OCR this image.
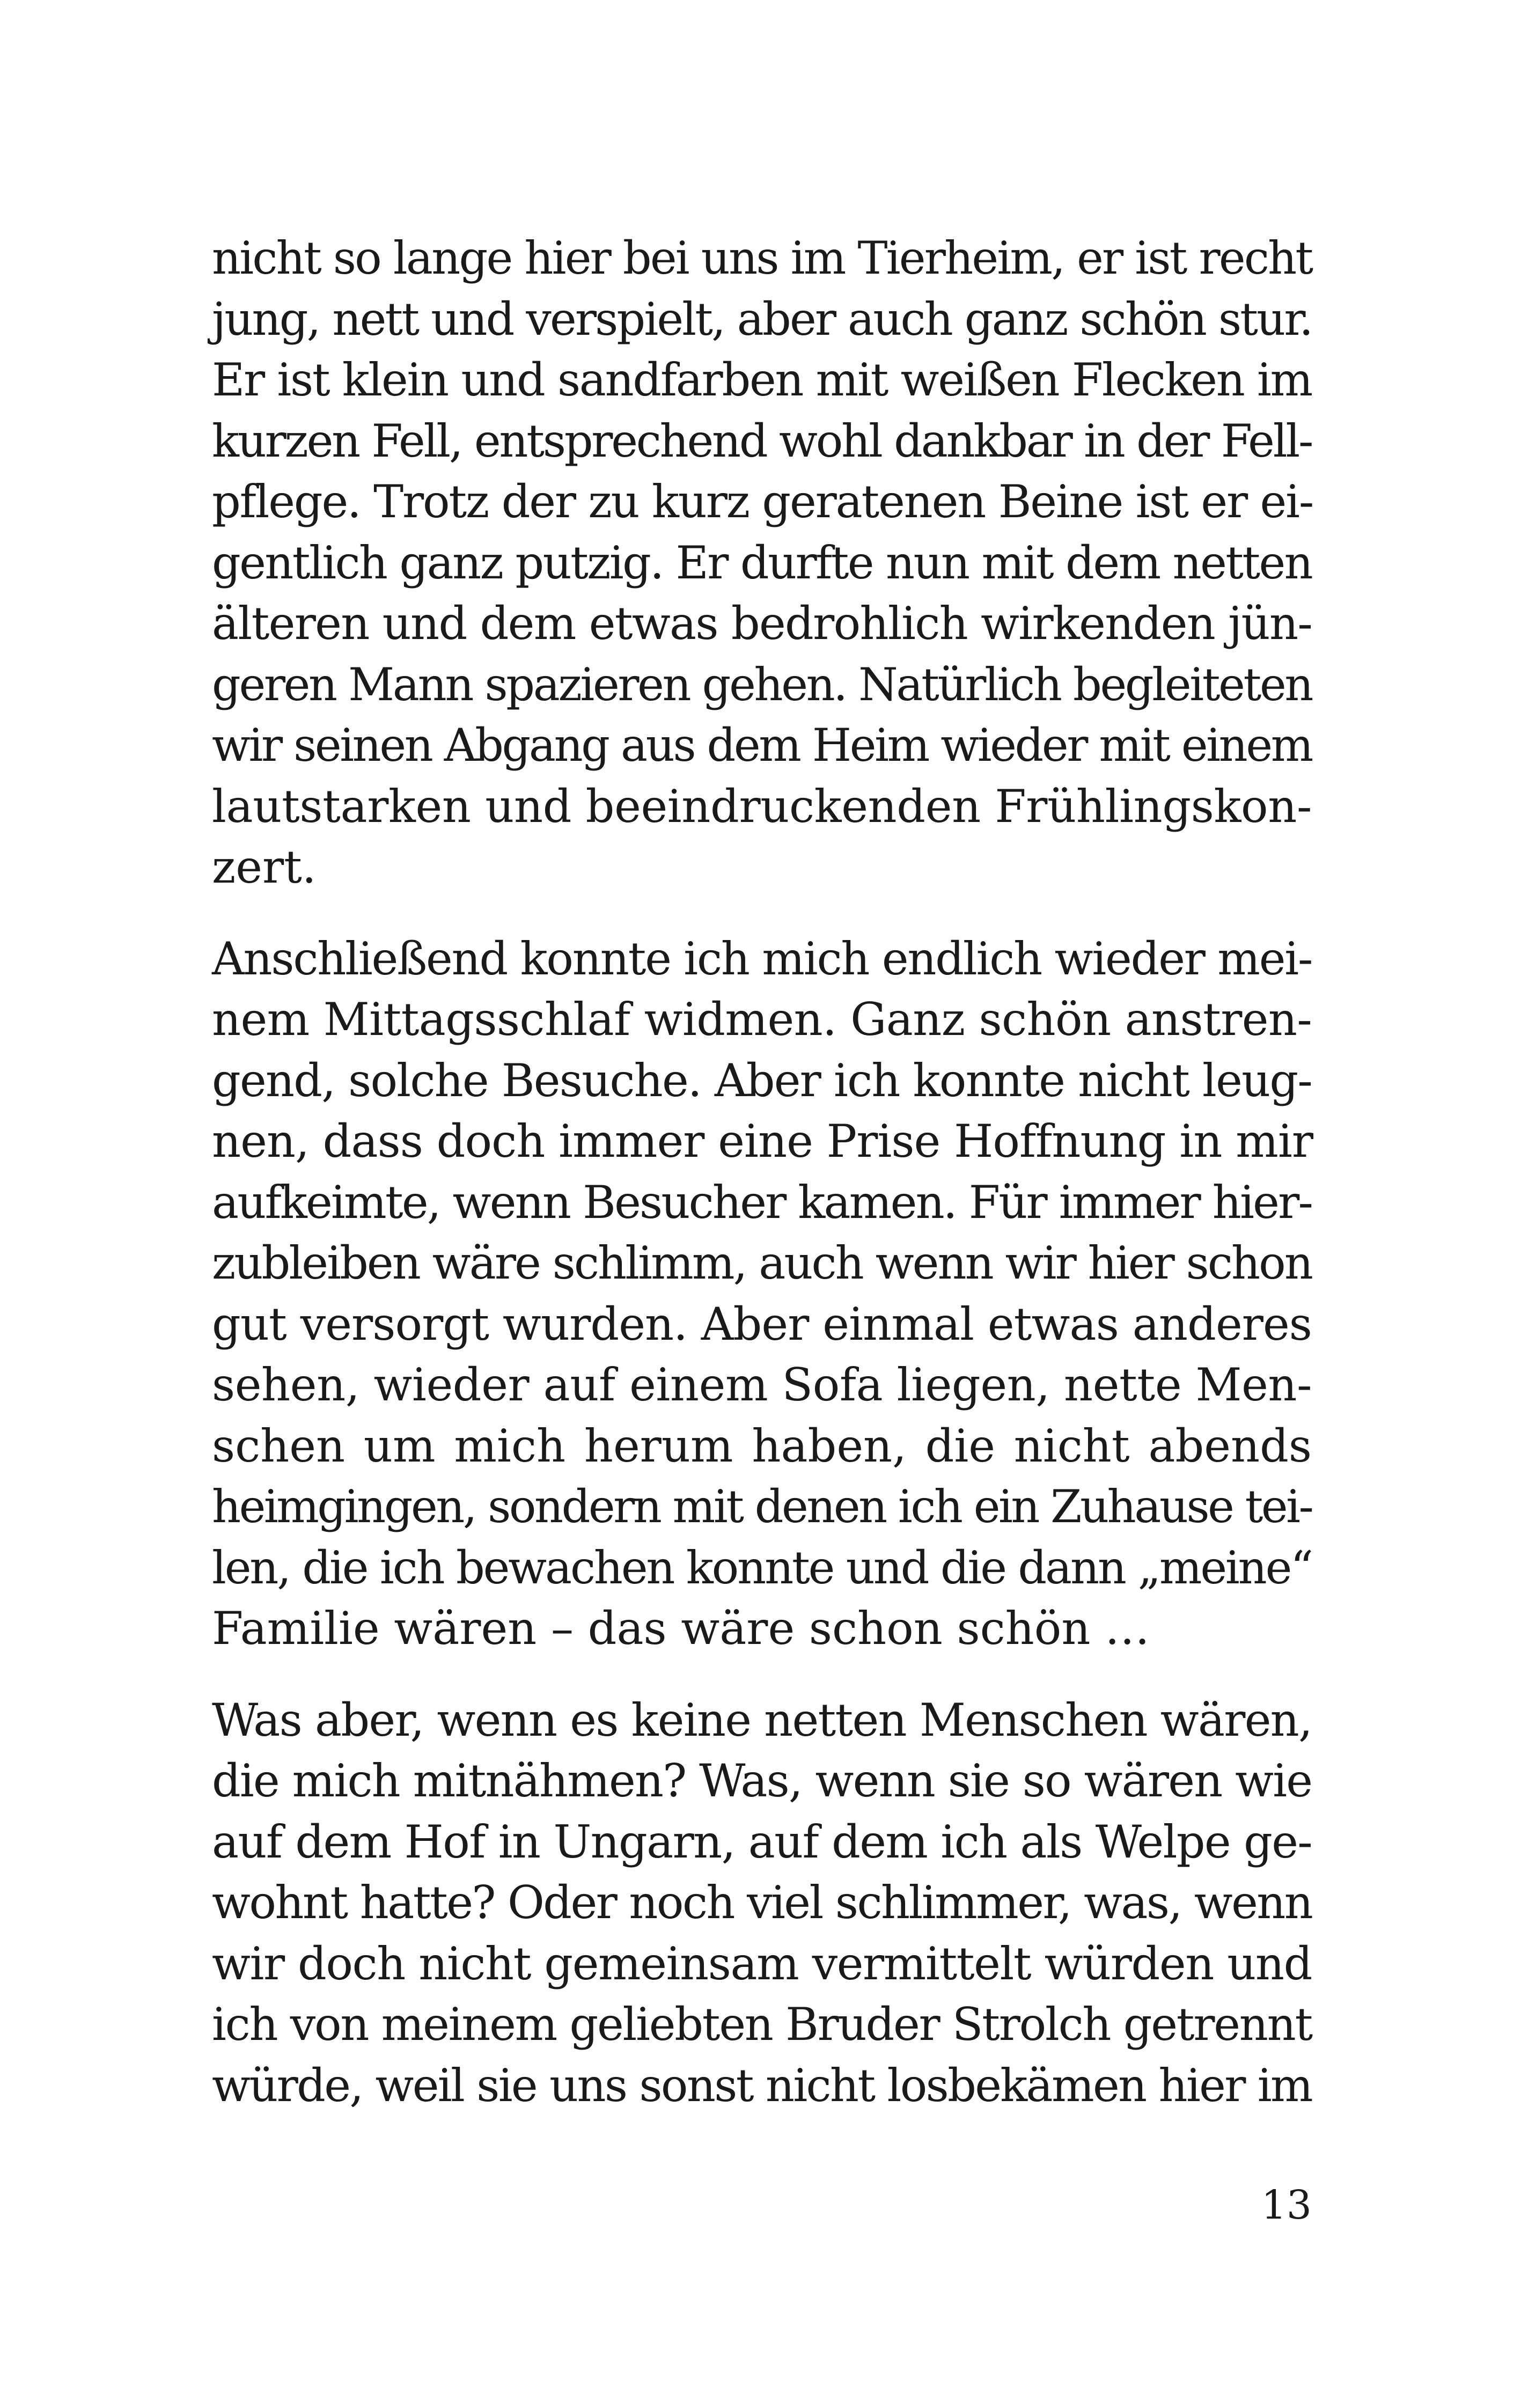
nicht so lange hier bei uns im Tierheim, er ist recht
jung, nett und verspielt, aber auch ganz schön stur.
Er ist klein und sandfarben mit weißen Flecken im
kurzen Fell, entsprechend wohl dankbar in der Fell-
pflege. Trotz der zu kurz geratenen Beine ist er ei-
gentlich ganz putzig. Er durfte nun mit dem netten
älteren und dem etwas bedrohlich wirkenden jün-
geren Mann spazieren gehen. Natürlich begleiteten
wir seinen Abgang aus dem Heim wieder mit einem
lautstarken und beeindruckenden Frühlingskon-
zert.

Anschließend konnte ich mich endlich wieder mei-
nem Mittagsschlaf widmen. Ganz schön anstren-
gend, solche Besuche. Aber ich konnte nicht leug-
nen, dass doch immer eine Prise Hoffnung in mir
aufkeimte, wenn Besucher kamen. Für immer hier-
zubleiben wäre schlimm, auch wenn wir hier schon
gut versorgt wurden. Aber einmal etwas anderes
sehen, wieder auf einem Sofa liegen, nette Men-
schen um mich herum haben, die nicht abends
heimgingen, sondern mit denen ich ein Zuhause tei-
len, die ich bewachen konnte und die dann „meine“
Familie wären – das wäre schon schön …

Was aber, wenn es keine netten Menschen wären,
die mich mitnähmen? Was, wenn sie so wären wie
auf dem Hof in Ungarn, auf dem ich als Welpe ge-
wohnt hatte? Oder noch viel schlimmer, was, wenn
wir doch nicht gemeinsam vermittelt würden und
ich von meinem geliebten Bruder Strolch getrennt
würde, weil sie uns sonst nicht losbekämen hier im

13
